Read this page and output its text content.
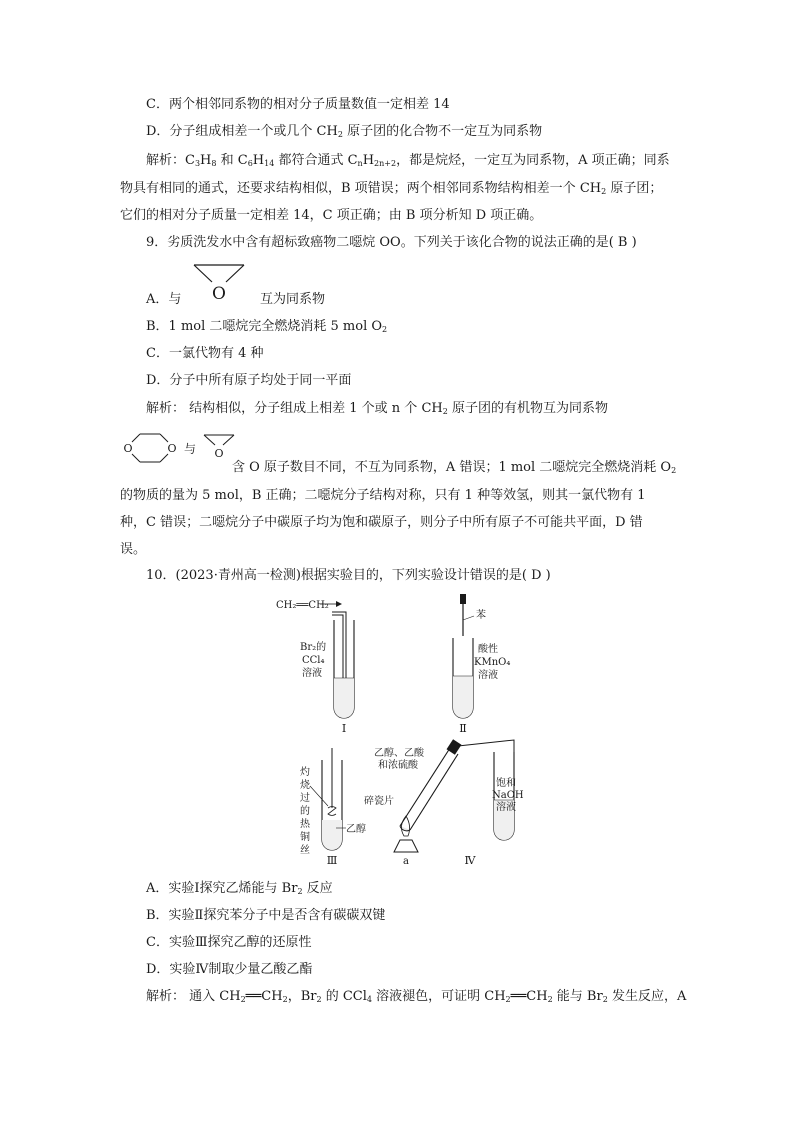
C．两个相邻同系物的相对分子质量数值一定相差 14
D．分子组成相差一个或几个 $CH_2$ 原子团的化合物不一定互为同系物
解析：$C_3H_8$ 和 $C_6H_{14}$ 都符合通式 $C_nH_{2n+2}$，都是烷烃，一定互为同系物，A 项正确；同系
物具有相同的通式，还要求结构相似，B 项错误；两个相邻同系物结构相差一个 $CH_2$ 原子团；
它们的相对分子质量一定相差 14，C 项正确；由 B 项分析知 D 项正确。
9．劣质洗发水中含有超标致癌物二噁烷 OO。下列关于该化合物的说法正确的是( B )
O
A．与	互为同系物
B．1 mol 二噁烷完全燃烧消耗 5 mol $O_2$
C．一氯代物有 4 种
D．分子中所有原子均处于同一平面
解析： 结构相似，分子组成上相差 1 个或 n 个 $CH_2$ 原子团的有机物互为同系物
O	O 与 O
含 O 原子数目不同，不互为同系物，A 错误；1 mol 二噁烷完全燃烧消耗 $O_2$
的物质的量为 5 mol，B 正确；二噁烷分子结构对称，只有 1 种等效氢，则其一氯代物有 1
种，C 错误；二噁烷分子中碳原子均为饱和碳原子，则分子中所有原子不可能共平面，D 错
误。
10．(2023·青州高一检测)根据实验目的，下列实验设计错误的是( D )
CH₂══CH₂
Br₂的
CCl₄
溶液
Ⅰ
苯
酸性
KMnO₄
溶液
Ⅱ
灼
烧
过
的
热
铜
丝
乙醇
Ⅲ
乙醇、乙酸
和浓硫酸
碎瓷片
a
饱和
NaOH
溶液
Ⅳ
A．实验Ⅰ探究乙烯能与 $Br_2$ 反应
B．实验Ⅱ探究苯分子中是否含有碳碳双键
C．实验Ⅲ探究乙醇的还原性
D．实验Ⅳ制取少量乙酸乙酯
解析： 通入 $CH_2══CH_2$，$Br_2$ 的 CCl$_4$ 溶液褪色，可证明 $CH_2══CH_2$ 能与 $Br_2$ 发生反应，A
